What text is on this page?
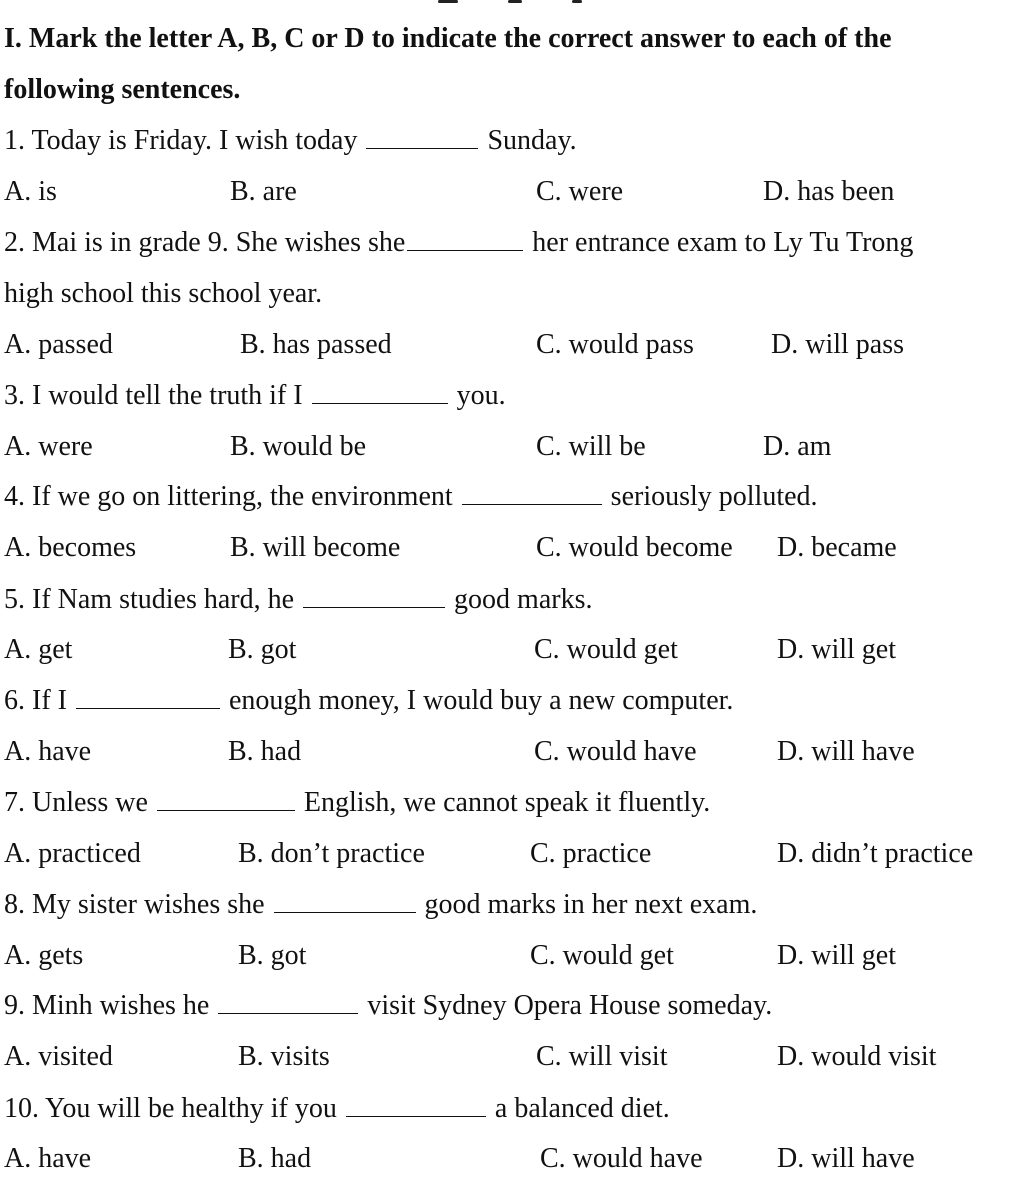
I. Mark the letter A, B, C or D to indicate the correct answer to each of the
following sentences.
1. Today is Friday. I wish today	Sunday.
A. is	B. are	C. were	D. has been
2. Mai is in grade 9. She wishes she	her entrance exam to Ly Tu Trong
high school this school year.
A. passed	B. has passed	C. would pass	D. will pass
3. I would tell the truth if I	you.
A. were	B. would be	C. will be	D. am
4. If we go on littering, the environment	seriously polluted.
A. becomes	B. will become	C. would become D. became
5. If Nam studies hard, he	good marks.
A. get	B. got	C. would get	D. will get
6. If I	enough money, I would buy a new computer.
A. have	B. had	C. would have	D. will have
7. Unless we	English, we cannot speak it fluently.
A. practiced	B. don’t practice	C. practice	D. didn’t practice
8. My sister wishes she	good marks in her next exam.
A. gets	B. got	C. would get	D. will get
9. Minh wishes he	visit Sydney Opera House someday.
A. visited	B. visits	C. will visit	D. would visit
10. You will be healthy if you	a balanced diet.
A. have	B. had	C. would have	D. will have
